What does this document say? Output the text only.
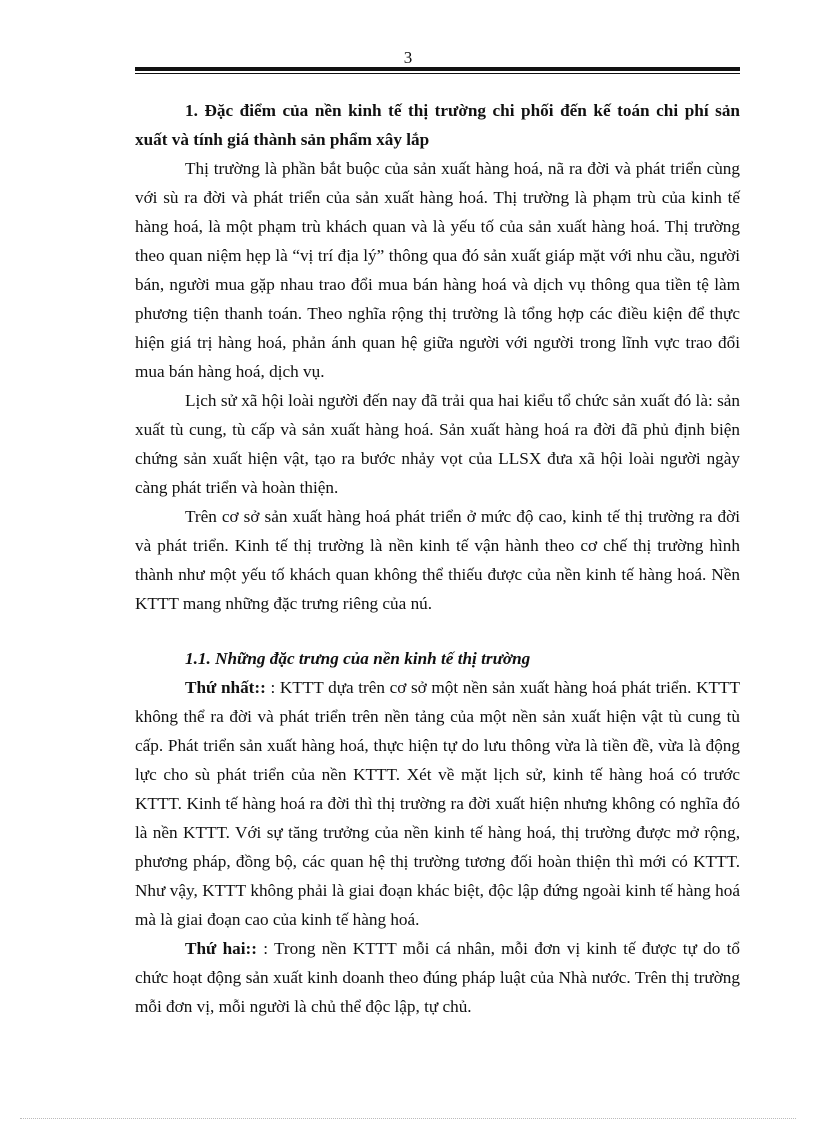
3

1. Đặc điểm của nền kinh tế thị trường chi phối đến kế toán chi phí sản xuất và tính giá thành sản phẩm xây lắp

Thị trường là phần bắt buộc của sản xuất hàng hoá, nã ra đời và phát triển cùng với sù ra đời và phát triển của sản xuất hàng hoá. Thị trường là phạm trù của kinh tế hàng hoá, là một phạm trù khách quan và là yếu tố của sản xuất hàng hoá. Thị trường theo quan niệm hẹp là “vị trí địa lý” thông qua đó sản xuất giáp mặt với nhu cầu, người bán, người mua gặp nhau trao đổi mua bán hàng hoá và dịch vụ thông qua tiền tệ làm phương tiện thanh toán. Theo nghĩa rộng thị trường là tổng hợp các điều kiện để thực hiện giá trị hàng hoá, phản ánh quan hệ giữa người với người trong lĩnh vực trao đổi mua bán hàng hoá, dịch vụ.

Lịch sử xã hội loài người đến nay đã trải qua hai kiểu tổ chức sản xuất đó là: sản xuất tù cung, tù cấp và sản xuất hàng hoá. Sản xuất hàng hoá ra đời đã phủ định biện chứng sản xuất hiện vật, tạo ra bước nhảy vọt của LLSX đưa xã hội loài người ngày càng phát triển và hoàn thiện.

Trên cơ sở sản xuất hàng hoá phát triển ở mức độ cao, kinh tế thị trường ra đời và phát triển. Kinh tế thị trường là nền kinh tế vận hành theo cơ chế thị trường hình thành như một yếu tố khách quan không thể thiếu được của nền kinh tế hàng hoá. Nền KTTT mang những đặc trưng riêng của nú.

1.1. Những đặc trưng của nền kinh tế thị trường

Thứ nhất:: : KTTT dựa trên cơ sở một nền sản xuất hàng hoá phát triển. KTTT không thể ra đời và phát triển trên nền tảng của một nền sản xuất hiện vật tù cung tù cấp. Phát triển sản xuất hàng hoá, thực hiện tự do lưu thông vừa là tiền đề, vừa là động lực cho sù phát triển của nền KTTT. Xét về mặt lịch sử, kinh tế hàng hoá có trước KTTT. Kinh tế hàng hoá ra đời thì thị trường ra đời xuất hiện nhưng không có nghĩa đó là nền KTTT. Với sự tăng trưởng của nền kinh tế hàng hoá, thị trường được mở rộng, phương pháp, đồng bộ, các quan hệ thị trường tương đối hoàn thiện thì mới có KTTT. Như vậy, KTTT không phải là giai đoạn khác biệt, độc lập đứng ngoài kinh tế hàng hoá mà là giai đoạn cao của kinh tế hàng hoá.

Thứ hai:: : Trong nền KTTT mỗi cá nhân, mỗi đơn vị kinh tế được tự do tổ chức hoạt động sản xuất kinh doanh theo đúng pháp luật của Nhà nước. Trên thị trường mỗi đơn vị, mỗi người là chủ thể độc lập, tự chủ.
